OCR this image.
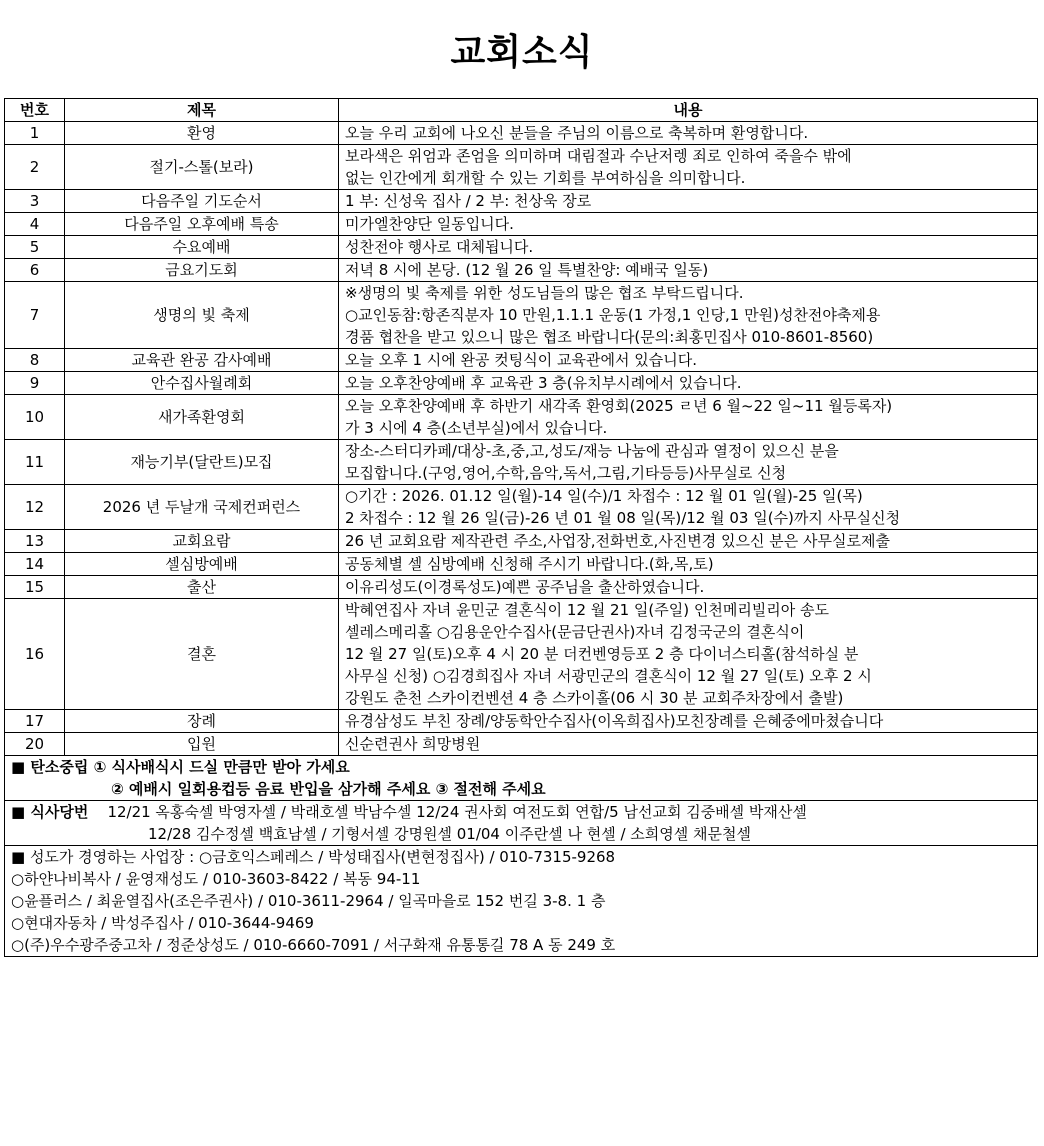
교회소식
번호	제목	내용
1	환영	오늘 우리 교회에 나오신 분들을 주님의 이름으로 축복하며 환영합니다.

2	절기-스톨(보라)	보라색은 위엄과 존엄을 의미하며 대림절과 수난저렝 죄로 인하여 죽을수 밖에
없는 인간에게 회개할 수 있는 기회를 부여하심을 의미합니다.

3	다음주일 기도순서	1 부: 신성욱 집사 / 2 부: 천상욱 장로

4	다음주일 오후예배 특송	미가엘찬양단 일동입니다.

5	수요예배	성찬전야 행사로 대체됩니다.

6	금요기도회	저녁 8 시에 본당. (12 월 26 일 특별찬양: 예배국 일동)

7	생명의 빛 축제	※생명의 빛 축제를 위한 성도님들의 많은 협조 부탁드립니다.
○교인동참:항존직분자 10 만원,1.1.1 운동(1 가정,1 인당,1 만원)성찬전야축제용
경품 협찬을 받고 있으니 많은 협조 바랍니다(문의:최홍민집사 010-8601-8560)

8	교육관 완공 감사예배	오늘 오후 1 시에 완공 컷팅식이 교육관에서 있습니다.

9	안수집사월례회	오늘 오후찬양예배 후 교육관 3 층(유치부시례에서 있습니다.

10	새가족환영회	오늘 오후찬양예배 후 하반기 새각족 환영회(2025 ㄹ년 6 월~22 일~11 월등록자)
가 3 시에 4 층(소년부실)에서 있습니다.

11	재능기부(달란트)모집	장소-스터디카페/대상-초,중,고,성도/재능 나눔에 관심과 열정이 있으신 분을
모집합니다.(구엉,영어,수학,음악,독서,그림,기타등등)사무실로 신청

12	2026 년 두날개 국제컨퍼런스	○기간 : 2026. 01.12 일(월)-14 일(수)/1 차접수 : 12 월 01 일(월)-25 일(목)
2 차접수 : 12 월 26 일(금)-26 년 01 월 08 일(목)/12 월 03 일(수)까지 사무실신청

13	교회요람	26 년 교회요람 제작관련 주소,사업장,전화번호,사진변경 있으신 분은 사무실로제출

14	셀심방예배	공동체별 셀 심방예배 신청해 주시기 바랍니다.(화,목,토)

15	출산	이유리성도(이경록성도)예쁜 공주님을 출산하였습니다.

16	결혼	박혜연집사 자녀 윤민군 결혼식이 12 월 21 일(주일) 인천메리빌리아 송도
셀레스메리홀 ○김용운안수집사(문금단권사)자녀 김정국군의 결혼식이
12 월 27 일(토)오후 4 시 20 분 더컨벤영등포 2 층 다이너스티홀(참석하실 분
사무실 신청) ○김경희집사 자녀 서광민군의 결혼식이 12 월 27 일(토) 오후 2 시
강원도 춘천 스카이컨벤션 4 층 스카이홀(06 시 30 분 교회주차장에서 출발)

17	장례	유경삼성도 부친 장례/양동학안수집사(이옥희집사)모친장례를 은혜중에마쳤습니다

20	입원	신순련권사 희망병원

■ 탄소중립 ① 식사배식시 드실 만큼만 받아 가세요
② 예배시 일회용컵등 음료 반입을 삼가해 주세요 ③ 절전해 주세요		

■ 식사당번 12/21 옥홍숙셀 박영자셀 / 박래호셀 박남수셀 12/24 권사회 여전도회 연합/5 남선교회 김중배셀 박재산셀
12/28 김수정셀 백효남셀 / 기형서셀 강명원셀 01/04 이주란셀 나 현셀 / 소희영셀 채문철셀		

■ 성도가 경영하는 사업장 : ○금호익스페레스 / 박성태집사(변현정집사) / 010-7315-9268
○하얀나비복사 / 윤영재성도 / 010-3603-8422 / 복동 94-11
○윤플러스 / 최윤열집사(조은주권사) / 010-3611-2964 / 일곡마을로 152 번길 3-8. 1 층
○현대자동차 / 박성주집사 / 010-3644-9469
○(주)우수광주중고차 / 정준상성도 / 010-6660-7091 / 서구화재 유통통길 78 A 동 249 호		
